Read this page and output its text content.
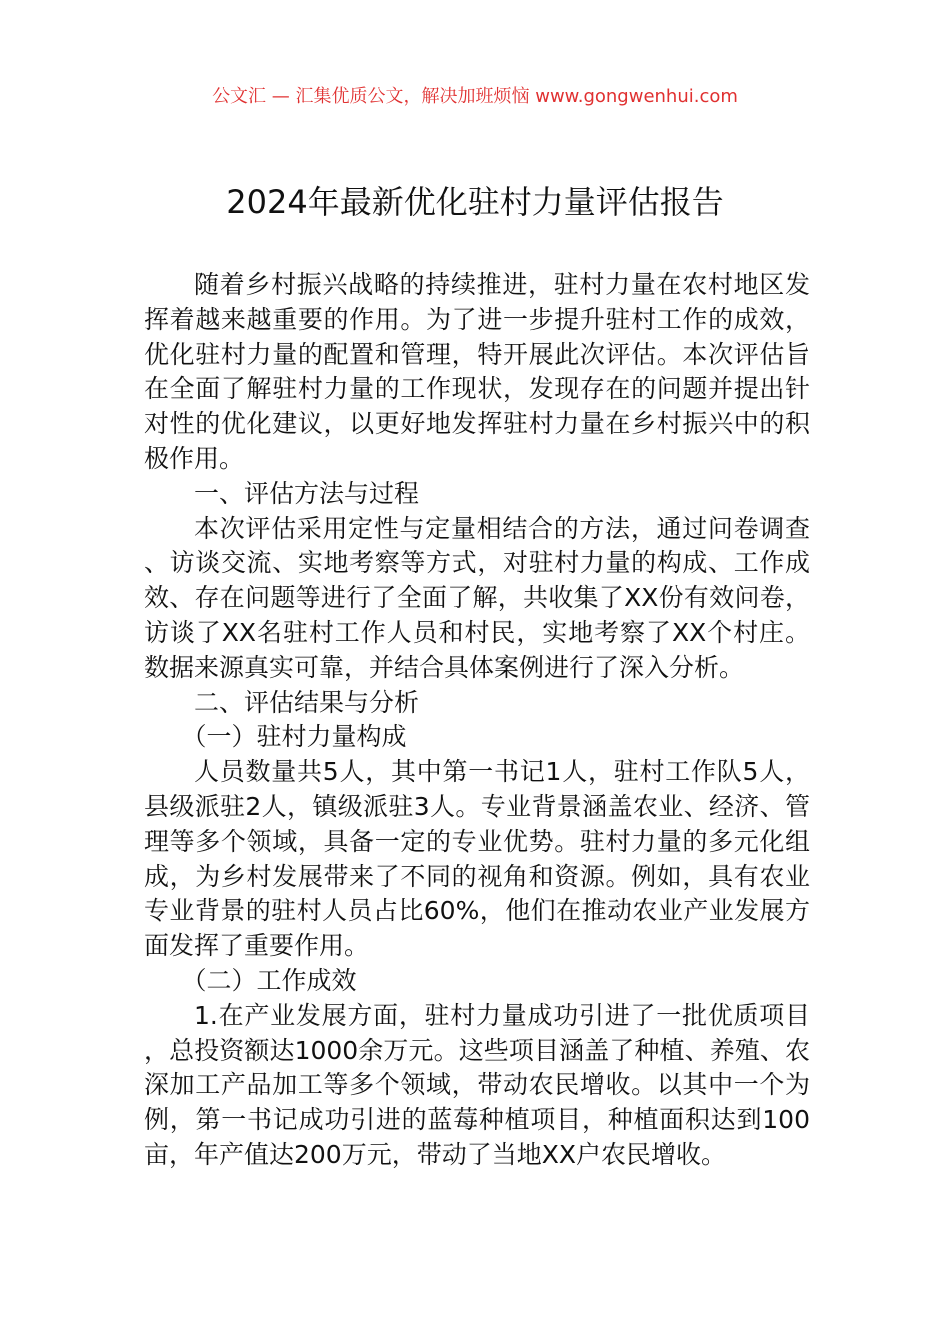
公文汇 — 汇集优质公文，解决加班烦恼 www.gongwenhui.com
2024年最新优化驻村力量评估报告

随着乡村振兴战略的持续推进，驻村力量在农村地区发挥着越来越重要的作用。为了进一步提升驻村工作的成效，优化驻村力量的配置和管理，特开展此次评估。本次评估旨在全面了解驻村力量的工作现状，发现存在的问题并提出针对性的优化建议，以更好地发挥驻村力量在乡村振兴中的积极作用。

一、评估方法与过程

本次评估采用定性与定量相结合的方法，通过问卷调查、访谈交流、实地考察等方式，对驻村力量的构成、工作成效、存在问题等进行了全面了解，共收集了XX份有效问卷，访谈了XX名驻村工作人员和村民，实地考察了XX个村庄。数据来源真实可靠，并结合具体案例进行了深入分析。

二、评估结果与分析

（一）驻村力量构成

人员数量共5人，其中第一书记1人，驻村工作队5人，县级派驻2人，镇级派驻3人。专业背景涵盖农业、经济、管理等多个领域，具备一定的专业优势。驻村力量的多元化组成，为乡村发展带来了不同的视角和资源。例如，具有农业专业背景的驻村人员占比60%，他们在推动农业产业发展方面发挥了重要作用。

（二）工作成效

1.在产业发展方面，驻村力量成功引进了一批优质项目，总投资额达1000余万元。这些项目涵盖了种植、养殖、农深加工产品加工等多个领域，带动农民增收。以其中一个为例，第一书记成功引进的蓝莓种植项目，种植面积达到100亩，年产值达200万元，带动了当地XX户农民增收。
